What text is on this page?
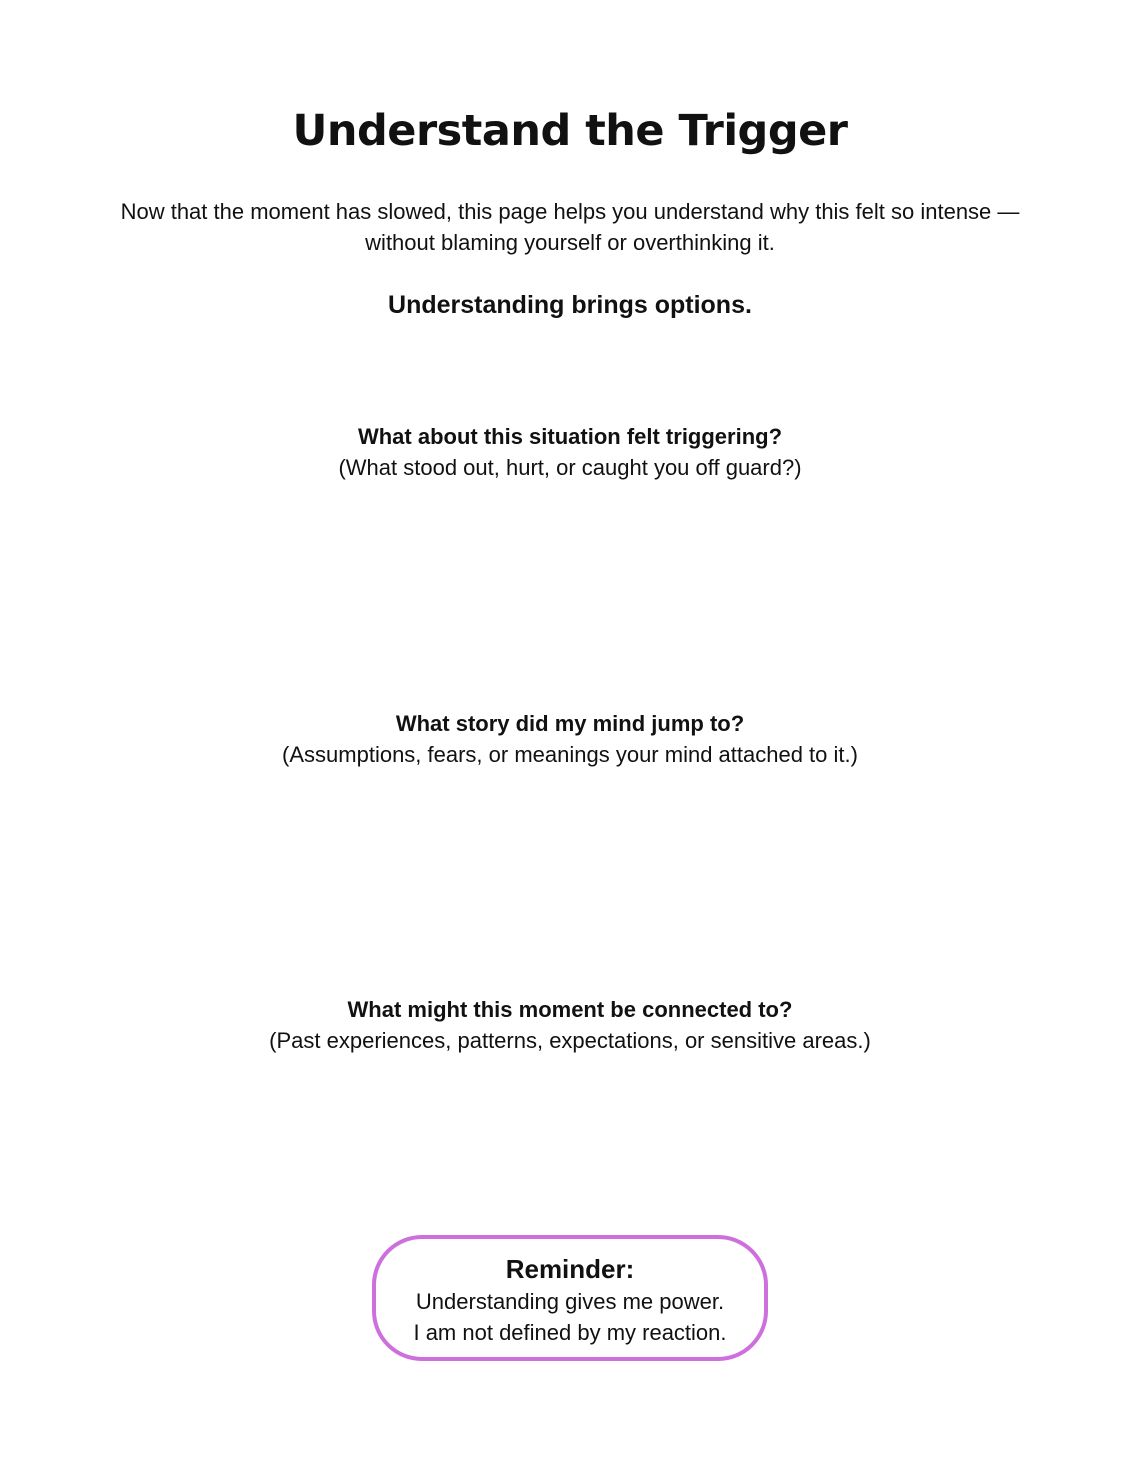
Understand the Trigger

Now that the moment has slowed, this page helps you understand why this felt so intense — without blaming yourself or overthinking it.

Understanding brings options.

What about this situation felt triggering?
(What stood out, hurt, or caught you off guard?)
What story did my mind jump to?
(Assumptions, fears, or meanings your mind attached to it.)
What might this moment be connected to?
(Past experiences, patterns, expectations, or sensitive areas.)
Reminder:
Understanding gives me power.
I am not defined by my reaction.
